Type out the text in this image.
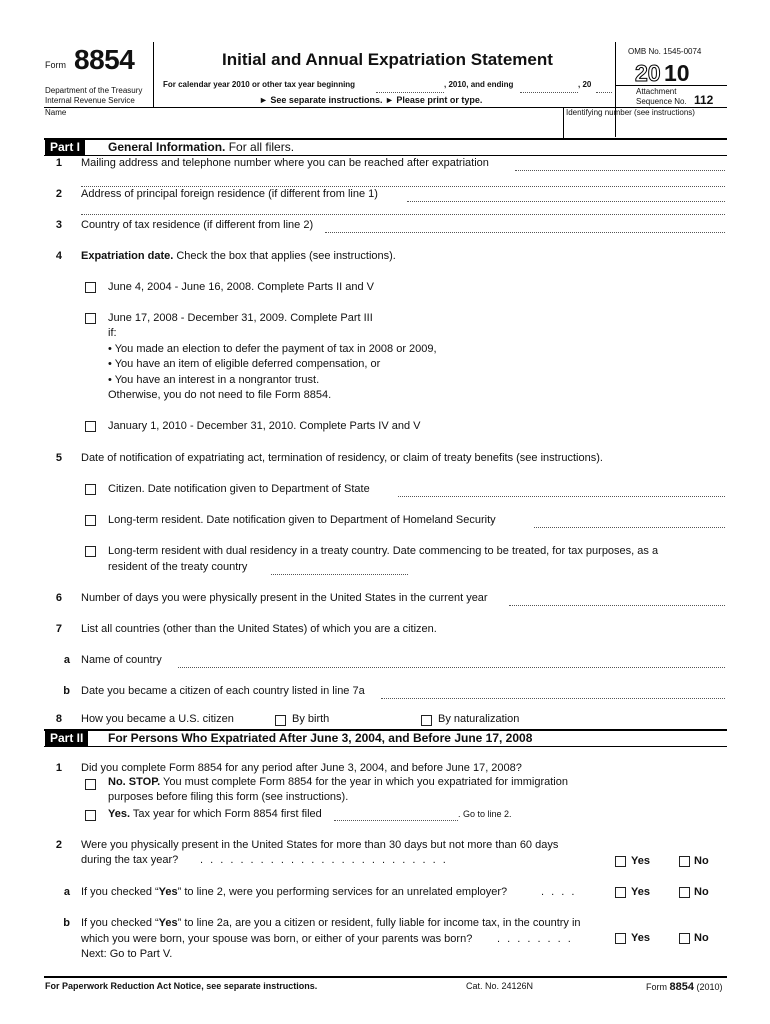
Form 8854
Department of the Treasury
Internal Revenue Service
Initial and Annual Expatriation Statement
For calendar year 2010 or other tax year beginning	, 2010, and ending	, 20
► See separate instructions. ► Please print or type.
OMB No. 1545-0074
20 10
Attachment
Sequence No. 112
Name	Identifying number (see instructions)
Part I	General Information. For all filers.
1 Mailing address and telephone number where you can be reached after expatriation
2 Address of principal foreign residence (if different from line 1)
3 Country of tax residence (if different from line 2)
4 Expatriation date. Check the box that applies (see instructions).
June 4, 2004 - June 16, 2008. Complete Parts II and V
June 17, 2008 - December 31, 2009. Complete Part III
if:
• You made an election to defer the payment of tax in 2008 or 2009,
• You have an item of eligible deferred compensation, or
• You have an interest in a nongrantor trust.
Otherwise, you do not need to file Form 8854.
January 1, 2010 - December 31, 2010. Complete Parts IV and V
5 Date of notification of expatriating act, termination of residency, or claim of treaty benefits (see instructions).
Citizen. Date notification given to Department of State
Long-term resident. Date notification given to Department of Homeland Security
Long-term resident with dual residency in a treaty country. Date commencing to be treated, for tax purposes, as a
resident of the treaty country
6 Number of days you were physically present in the United States in the current year
7 List all countries (other than the United States) of which you are a citizen.
a Name of country
b Date you became a citizen of each country listed in line 7a
8 How you became a U.S. citizen	By birth	By naturalization
Part II	For Persons Who Expatriated After June 3, 2004, and Before June 17, 2008
1 Did you complete Form 8854 for any period after June 3, 2004, and before June 17, 2008?
No. STOP. You must complete Form 8854 for the year in which you expatriated for immigration
purposes before filing this form (see instructions).
Yes. Tax year for which Form 8854 first filed	. Go to line 2.
2 Were you physically present in the United States for more than 30 days but not more than 60 days
during the tax year? . . . . . . . . . . . . . . . . . . . . . . . . .	Yes	No
a If you checked “Yes” to line 2, were you performing services for an unrelated employer?	. . . .	Yes	No
b If you checked “Yes” to line 2a, are you a citizen or resident, fully liable for income tax, in the country in
which you were born, your spouse was born, or either of your parents was born? . . . . . . . .	Yes	No
Next: Go to Part V.
For Paperwork Reduction Act Notice, see separate instructions.	Cat. No. 24126N	Form 8854 (2010)
